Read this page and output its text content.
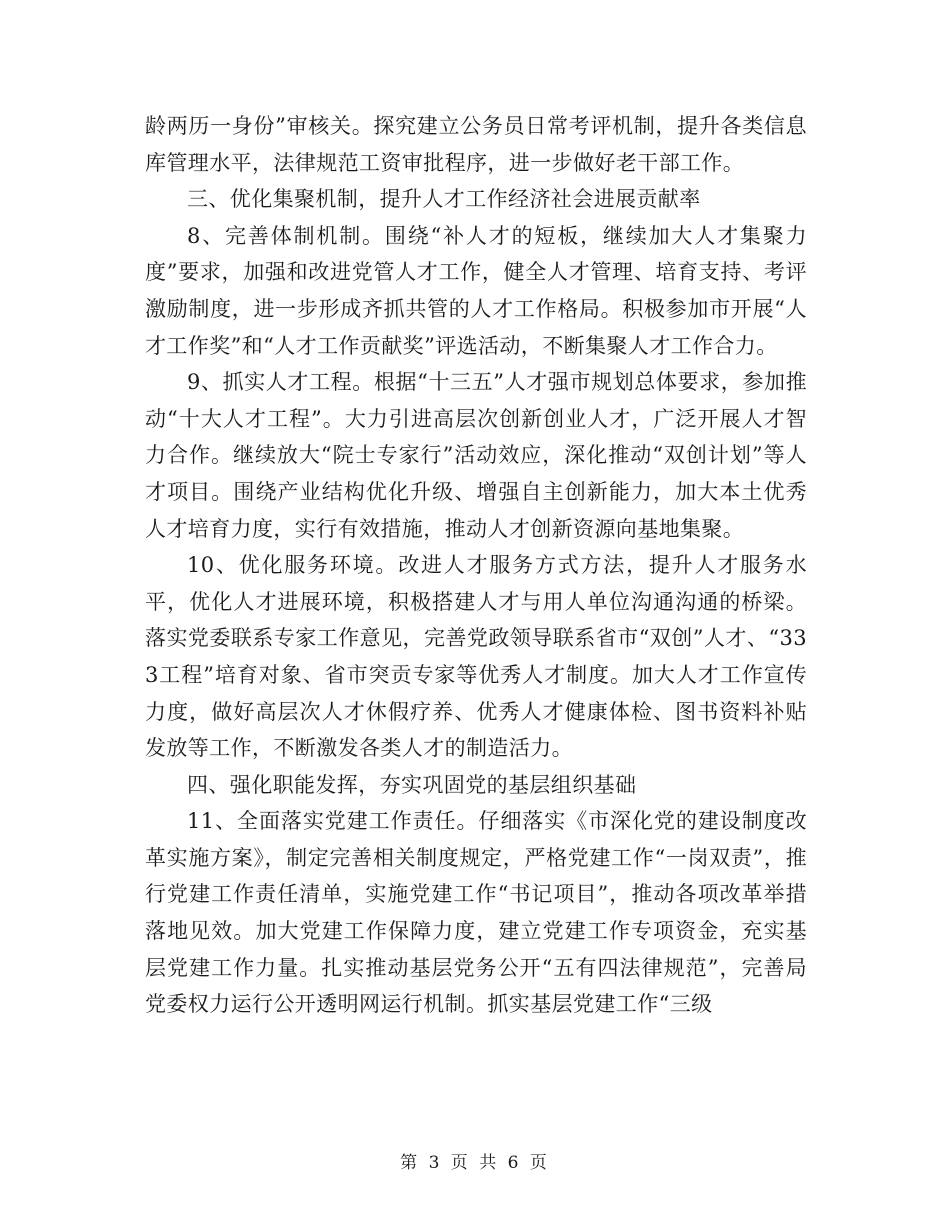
龄两历一身份”审核关。探究建立公务员日常考评机制，提升各类信息库管理水平，法律规范工资审批程序，进一步做好老干部工作。

三、优化集聚机制，提升人才工作经济社会进展贡献率

8、完善体制机制。围绕“补人才的短板，继续加大人才集聚力度”要求，加强和改进党管人才工作，健全人才管理、培育支持、考评激励制度，进一步形成齐抓共管的人才工作格局。积极参加市开展“人才工作奖”和“人才工作贡献奖”评选活动，不断集聚人才工作合力。

9、抓实人才工程。根据“十三五”人才强市规划总体要求，参加推动“十大人才工程”。大力引进高层次创新创业人才，广泛开展人才智力合作。继续放大“院士专家行”活动效应，深化推动“双创计划”等人才项目。围绕产业结构优化升级、增强自主创新能力，加大本土优秀人才培育力度，实行有效措施，推动人才创新资源向基地集聚。

10、优化服务环境。改进人才服务方式方法，提升人才服务水平，优化人才进展环境，积极搭建人才与用人单位沟通沟通的桥梁。落实党委联系专家工作意见，完善党政领导联系省市“双创”人才、“333工程”培育对象、省市突贡专家等优秀人才制度。加大人才工作宣传力度，做好高层次人才休假疗养、优秀人才健康体检、图书资料补贴发放等工作，不断激发各类人才的制造活力。

四、强化职能发挥，夯实巩固党的基层组织基础

11、全面落实党建工作责任。仔细落实《市深化党的建设制度改革实施方案》，制定完善相关制度规定，严格党建工作“一岗双责”，推行党建工作责任清单，实施党建工作“书记项目”，推动各项改革举措落地见效。加大党建工作保障力度，建立党建工作专项资金，充实基层党建工作力量。扎实推动基层党务公开“五有四法律规范”，完善局党委权力运行公开透明网运行机制。抓实基层党建工作“三级

第 3 页 共 6 页
